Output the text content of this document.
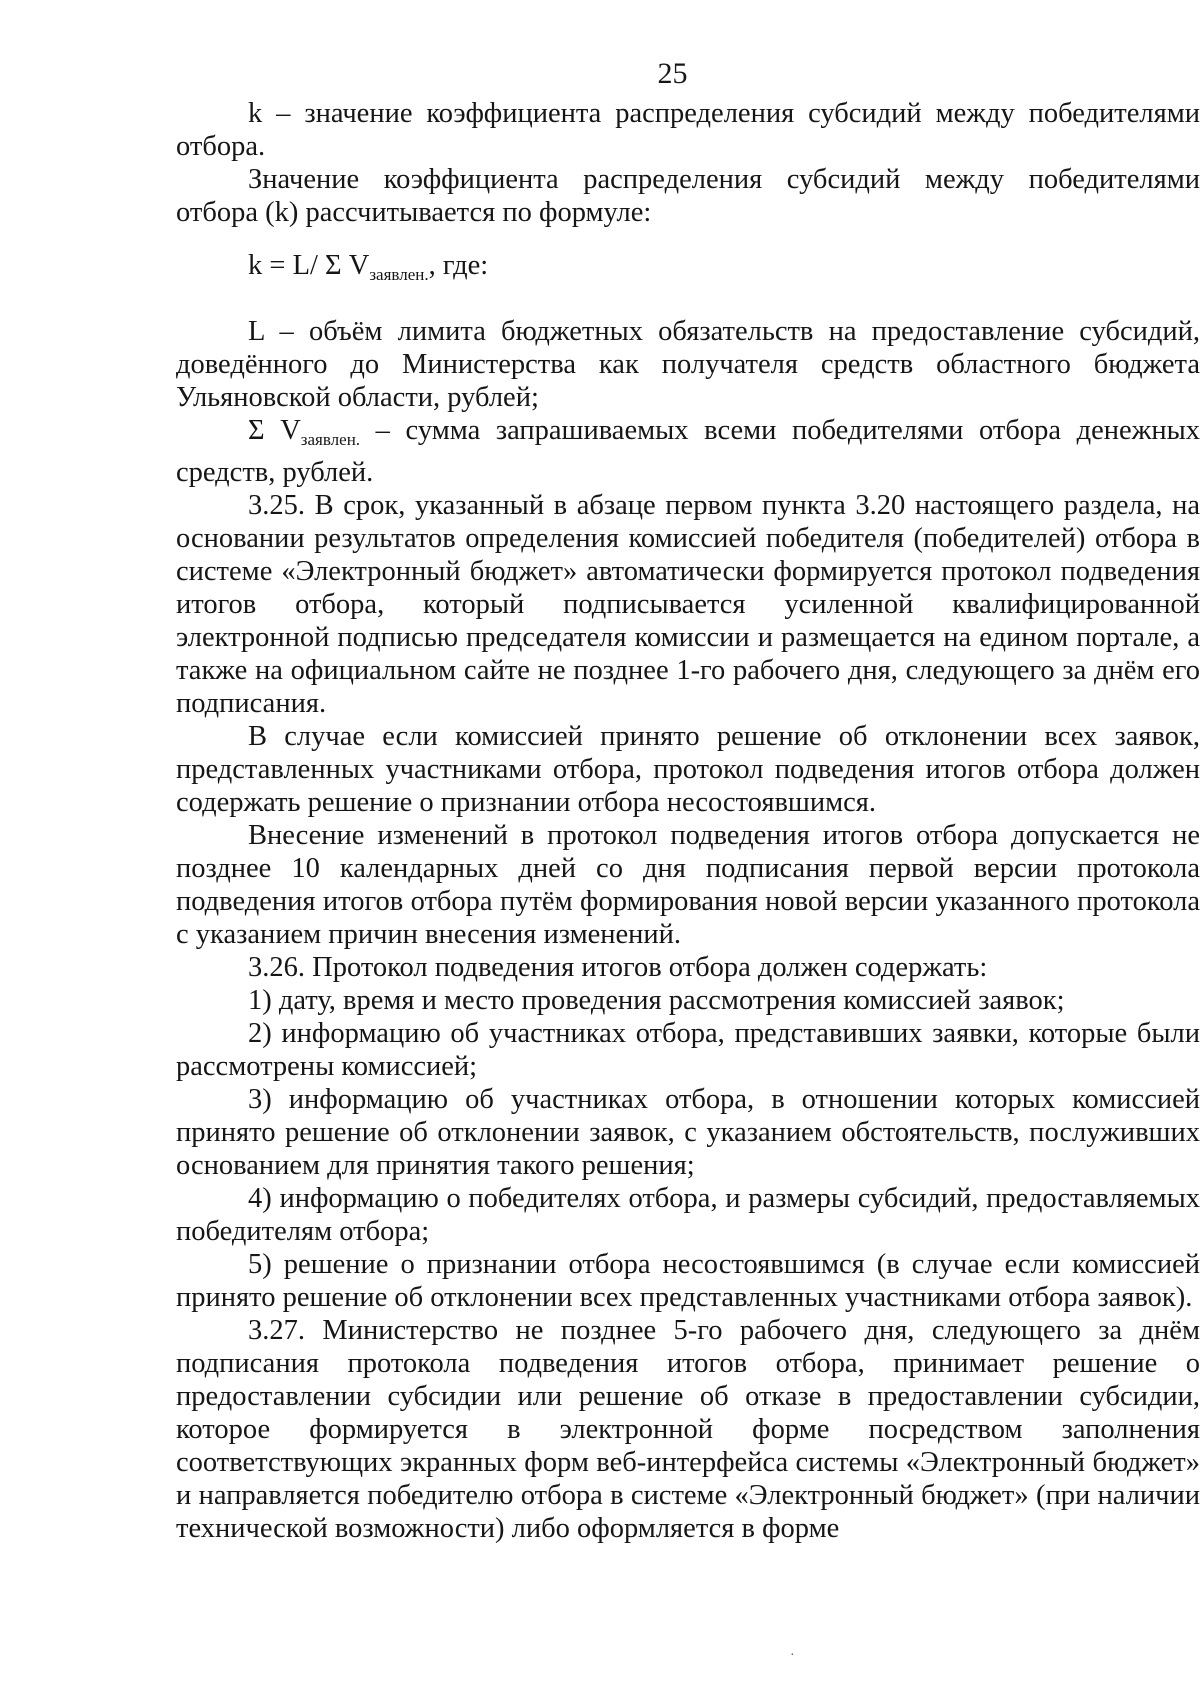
25

k – значение коэффициента распределения субсидий между победителями отбора.

Значение коэффициента распределения субсидий между победителями отбора (k) рассчитывается по формуле:

k = L/ Σ $V_{заявлен.}$, где:

L – объём лимита бюджетных обязательств на предоставление субсидий, доведённого до Министерства как получателя средств областного бюджета Ульяновской области, рублей;

Σ $V_{заявлен.}$ – сумма запрашиваемых всеми победителями отбора денежных средств, рублей.

3.25. В срок, указанный в абзаце первом пункта 3.20 настоящего раздела, на основании результатов определения комиссией победителя (победителей) отбора в системе «Электронный бюджет» автоматически формируется протокол подведения итогов отбора, который подписывается усиленной квалифицированной электронной подписью председателя комиссии и размещается на едином портале, а также на официальном сайте не позднее 1-го рабочего дня, следующего за днём его подписания.

В случае если комиссией принято решение об отклонении всех заявок, представленных участниками отбора, протокол подведения итогов отбора должен содержать решение о признании отбора несостоявшимся.

Внесение изменений в протокол подведения итогов отбора допускается не позднее 10 календарных дней со дня подписания первой версии протокола подведения итогов отбора путём формирования новой версии указанного протокола с указанием причин внесения изменений.

3.26. Протокол подведения итогов отбора должен содержать:

1) дату, время и место проведения рассмотрения комиссией заявок;

2) информацию об участниках отбора, представивших заявки, которые были рассмотрены комиссией;

3) информацию об участниках отбора, в отношении которых комиссией принято решение об отклонении заявок, с указанием обстоятельств, послуживших основанием для принятия такого решения;

4) информацию о победителях отбора, и размеры субсидий, предоставляемых победителям отбора;

5) решение о признании отбора несостоявшимся (в случае если комиссией принято решение об отклонении всех представленных участниками отбора заявок).

3.27. Министерство не позднее 5-го рабочего дня, следующего за днём подписания протокола подведения итогов отбора, принимает решение о предоставлении субсидии или решение об отказе в предоставлении субсидии, которое формируется в электронной форме посредством заполнения соответствующих экранных форм веб-интерфейса системы «Электронный бюджет» и направляется победителю отбора в системе «Электронный бюджет» (при наличии технической возможности) либо оформляется в форме

·
